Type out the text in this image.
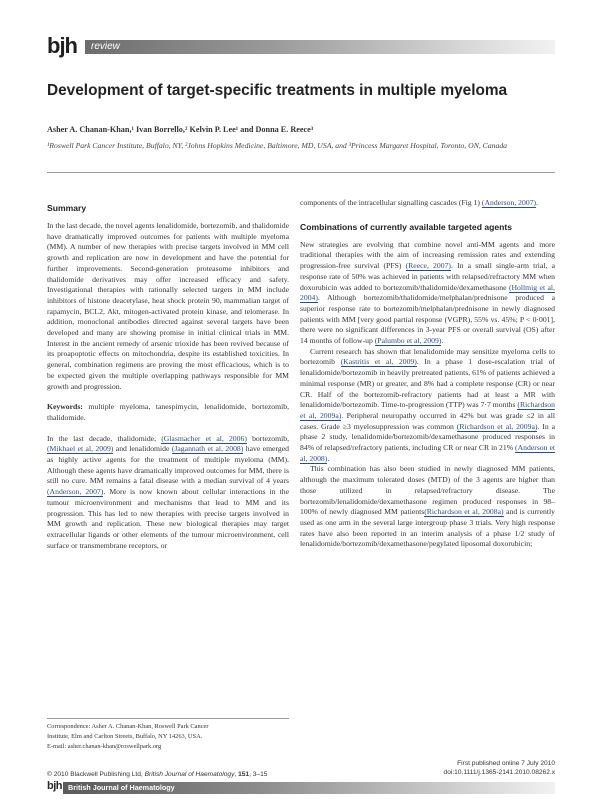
bjh review
Development of target-specific treatments in multiple myeloma
Asher A. Chanan-Khan,¹ Ivan Borrello,² Kelvin P. Lee¹ and Donna E. Reece³
¹Roswell Park Cancer Institute, Buffalo, NY, ²Johns Hopkins Medicine, Baltimore, MD, USA, and ³Princess Margaret Hospital, Toronto, ON, Canada
Summary

In the last decade, the novel agents lenalidomide, bortezomib, and thalidomide have dramatically improved outcomes for patients with multiple myeloma (MM). A number of new therapies with precise targets involved in MM cell growth and replication are now in development and have the potential for further improvements. Second-generation proteasome inhibitors and thalidomide derivatives may offer increased efficacy and safety. Investigational therapies with rationally selected targets in MM include inhibitors of histone deacetylase, heat shock protein 90, mammalian target of rapamycin, BCL2, Akt, mitogen-activated protein kinase, and telomerase. In addition, monoclonal antibodies directed against several targets have been developed and many are showing promise in initial clinical trials in MM. Interest in the ancient remedy of arsenic trioxide has been revived because of its proapoptotic effects on mitochondria, despite its established toxicities. In general, combination regimens are proving the most efficacious, which is to be expected given the multiple overlapping pathways responsible for MM growth and progression.

Keywords: multiple myeloma, tanespimycin, lenalidomide, bortezomib, thalidomide.

In the last decade, thalidomide, (Glasmacher et al, 2006) bortezomib, (Mikhael et al, 2009) and lenalidomide (Jagannath et al, 2008) have emerged as highly active agents for the treatment of multiple myeloma (MM). Although these agents have dramatically improved outcomes for MM, there is still no cure. MM remains a fatal disease with a median survival of 4 years (Anderson, 2007). More is now known about cellular interactions in the tumour microenvironment and mechanisms that lead to MM and its progression. This has led to new therapies with precise targets involved in MM growth and replication. These new biological therapies may target extracellular ligands or other elements of the tumour microenvironment, cell surface or transmembrane receptors, or

components of the intracellular signalling cascades (Fig 1) (Anderson, 2007).

Combinations of currently available targeted agents

New strategies are evolving that combine novel anti-MM agents and more traditional therapies with the aim of increasing remission rates and extending progression-free survival (PFS) (Reece, 2007). In a small single-arm trial, a response rate of 50% was achieved in patients with relapsed/refractory MM when doxorubicin was added to bortezomib/thalidomide/dexamethasone (Hollmig et al, 2004). Although bortezomib/thalidomide/melphalan/prednisone produced a superior response rate to bortezomib/melphalan/prednisone in newly diagnosed patients with MM [very good partial response (VGPR), 55% vs. 45%; P < 0·001], there were no significant differences in 3-year PFS or overall survival (OS) after 14 months of follow-up (Palumbo et al, 2009).

Current research has shown that lenalidomide may sensitize myeloma cells to bortezomib (Kastritis et al, 2009). In a phase 1 dose-escalation trial of lenalidomide/bortezomib in heavily pretreated patients, 61% of patients achieved a minimal response (MR) or greater, and 8% had a complete response (CR) or near CR. Half of the bortezomib-refractory patients had at least a MR with lenalidomide/bortezomib. Time-to-progression (TTP) was 7·7 months (Richardson et al, 2009a). Peripheral neuropathy occurred in 42% but was grade ≤2 in all cases. Grade ≥3 myelosuppression was common (Richardson et al, 2009a). In a phase 2 study, lenalidomide/bortezomib/dexamethasone produced responses in 84% of relapsed/refractory patients, including CR or near CR in 21% (Anderson et al, 2008).

This combination has also been studied in newly diagnosed MM patients, although the maximum tolerated doses (MTD) of the 3 agents are higher than those utilized in relapsed/refractory disease. The bortezomib/lenalidomide/dexamethasone regimen produced responses in 98–100% of newly diagnosed MM patients(Richardson et al, 2008a) and is currently used as one arm in the several large intergroup phase 3 trials. Very high response rates have also been reported in an interim analysis of a phase 1/2 study of lenalidomide/bortezomib/dexamethasone/pegylated liposomal doxorubicin;

Correspondence: Asher A. Chanan-Khan, Roswell Park Cancer
Institute, Elm and Carlton Streets, Buffalo, NY 14263, USA.
E-mail: asher.chanan-khan@roswellpark.org
© 2010 Blackwell Publishing Ltd, British Journal of Haematology, 151, 3–15
First published online 7 July 2010
doi:10.1111/j.1365-2141.2010.08262.x
bjh British Journal of Haematology
